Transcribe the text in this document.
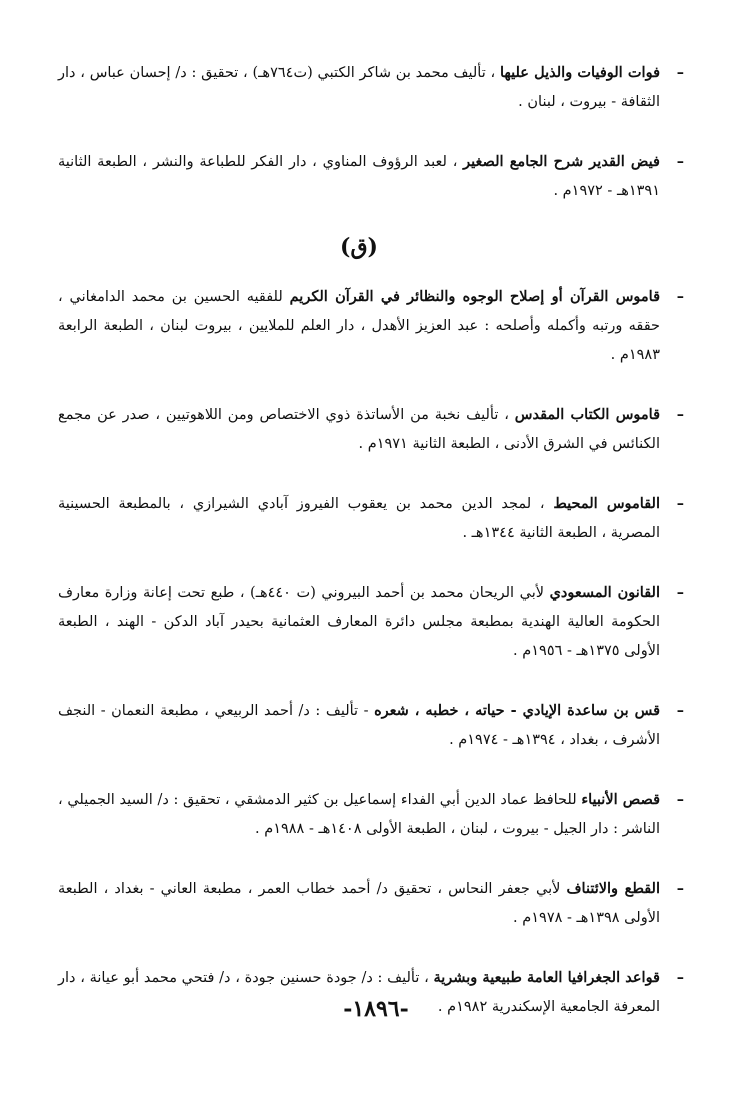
–
فوات الوفيات والذيل عليها ، تأليف محمد بن شاكر الكتبي (ت٧٦٤هـ) ، تحقيق : د/ إحسان عباس ، دار الثقافة - بيروت ، لبنان .
–
فيض القدير شرح الجامع الصغير ، لعبد الرؤوف المناوي ، دار الفكر للطباعة والنشر ، الطبعة الثانية ١٣٩١هـ - ١٩٧٢م .
(ق)
–
قاموس القرآن أو إصلاح الوجوه والنظائر في القرآن الكريم للفقيه الحسين بن محمد الدامغاني ، حققه ورتبه وأكمله وأصلحه : عبد العزيز الأهدل ، دار العلم للملايين ، بيروت لبنان ، الطبعة الرابعة ١٩٨٣م .
–
قاموس الكتاب المقدس ، تأليف نخبة من الأساتذة ذوي الاختصاص ومن اللاهوتيين ، صدر عن مجمع الكنائس في الشرق الأدنى ، الطبعة الثانية ١٩٧١م .
–
القاموس المحيط ، لمجد الدين محمد بن يعقوب الفيروز آبادي الشيرازي ، بالمطبعة الحسينية المصرية ، الطبعة الثانية ١٣٤٤هـ .
–
القانون المسعودي لأبي الريحان محمد بن أحمد البيروني (ت ٤٤٠هـ) ، طبع تحت إعانة وزارة معارف الحكومة العالية الهندية بمطبعة مجلس دائرة المعارف العثمانية بحيدر آباد الدكن - الهند ، الطبعة الأولى ١٣٧٥هـ - ١٩٥٦م .
–
قس بن ساعدة الإيادي - حياته ، خطبه ، شعره - تأليف : د/ أحمد الربيعي ، مطبعة النعمان - النجف الأشرف ، بغداد ، ١٣٩٤هـ - ١٩٧٤م .
–
قصص الأنبياء للحافظ عماد الدين أبي الفداء إسماعيل بن كثير الدمشقي ، تحقيق : د/ السيد الجميلي ، الناشر : دار الجيل - بيروت ، لبنان ، الطبعة الأولى ١٤٠٨هـ - ١٩٨٨م .
–
القطع والائتناف لأبي جعفر النحاس ، تحقيق د/ أحمد خطاب العمر ، مطبعة العاني - بغداد ، الطبعة الأولى ١٣٩٨هـ - ١٩٧٨م .
–
قواعد الجغرافيا العامة طبيعية وبشرية ، تأليف : د/ جودة حسنين جودة ، د/ فتحي محمد أبو عيانة ، دار المعرفة الجامعية الإسكندرية ١٩٨٢م .
-١٨٩٦-
